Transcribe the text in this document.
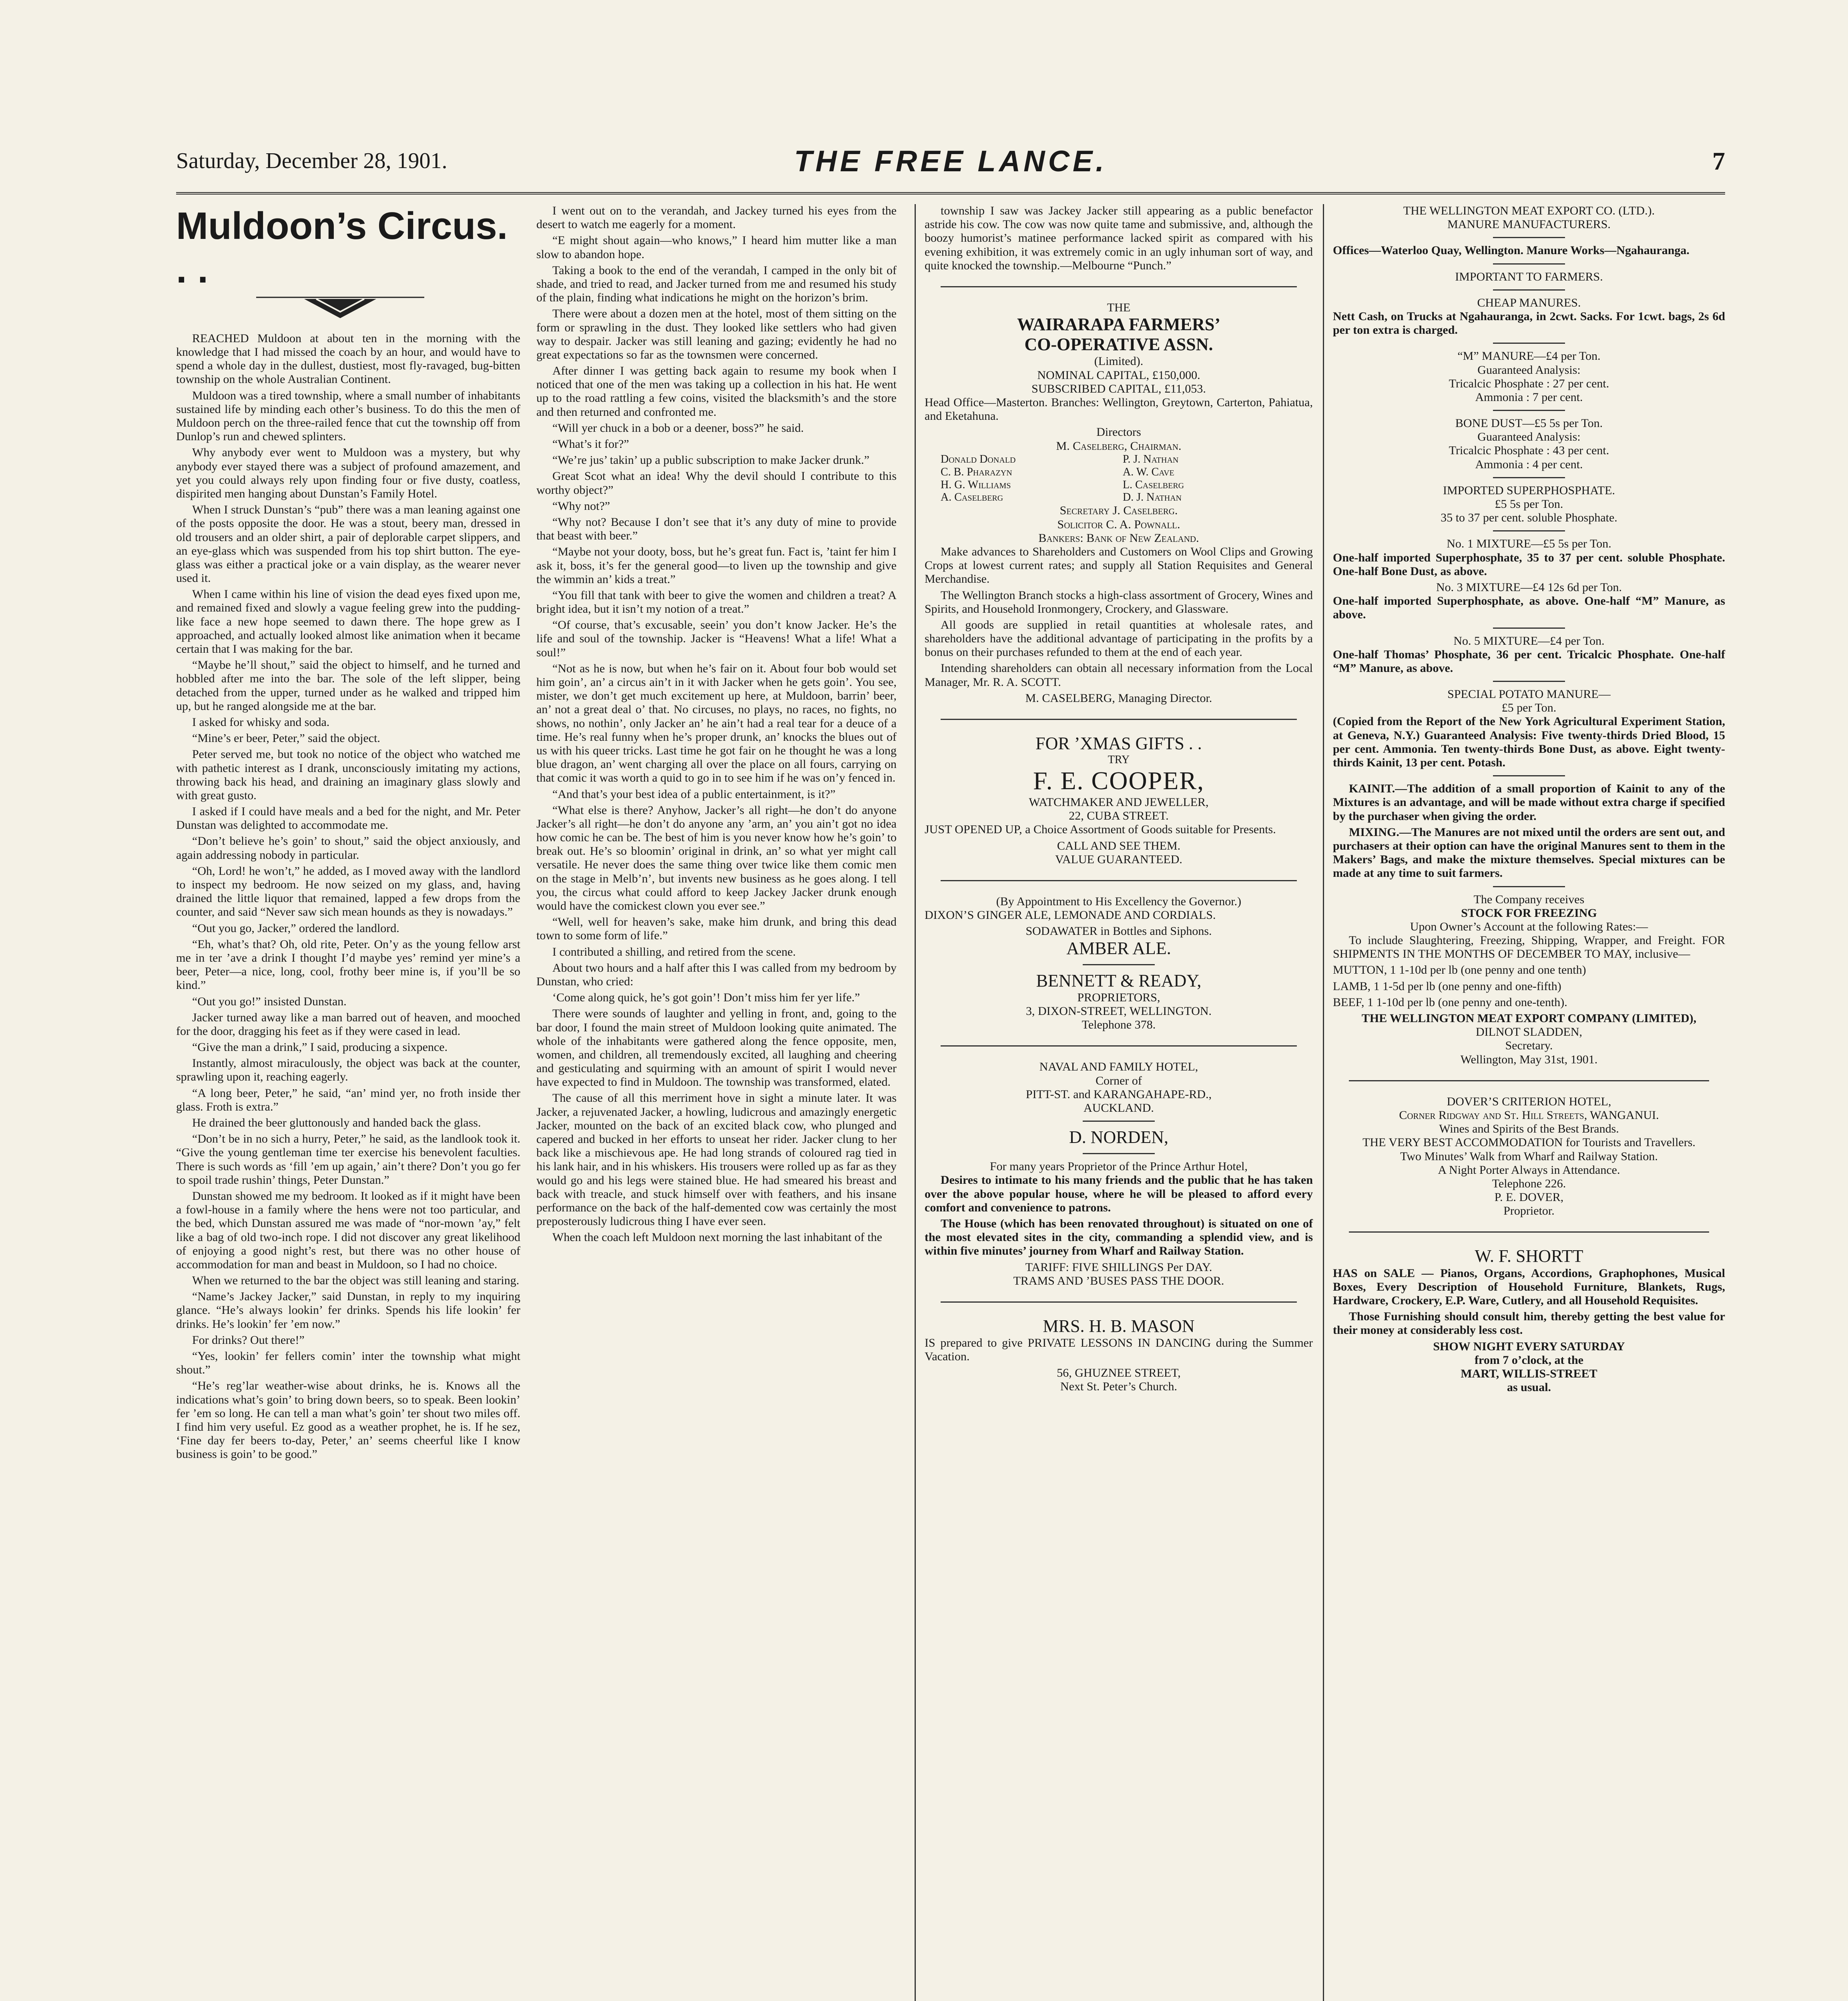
Saturday, December 28, 1901.	THE FREE LANCE.	7
Muldoon’s Circus. . .

REACHED Muldoon at about ten in the morning with the knowledge that I had missed the coach by an hour, and would have to spend a whole day in the dullest, dustiest, most fly-ravaged, bug-bitten township on the whole Australian Continent.

Muldoon was a tired township, where a small number of inhabitants sustained life by minding each other’s business. To do this the men of Muldoon perch on the three-railed fence that cut the township off from Dunlop’s run and chewed splinters.

Why anybody ever went to Muldoon was a mystery, but why anybody ever stayed there was a subject of profound amazement, and yet you could always rely upon finding four or five dusty, coatless, dispirited men hanging about Dunstan’s Family Hotel.

When I struck Dunstan’s “pub” there was a man leaning against one of the posts opposite the door. He was a stout, beery man, dressed in old trousers and an older shirt, a pair of deplorable carpet slippers, and an eye-glass which was suspended from his top shirt button. The eye-glass was either a practical joke or a vain display, as the wearer never used it.

When I came within his line of vision the dead eyes fixed upon me, and remained fixed and slowly a vague feeling grew into the pudding-like face a new hope seemed to dawn there. The hope grew as I approached, and actually looked almost like animation when it became certain that I was making for the bar.

“Maybe he’ll shout,” said the object to himself, and he turned and hobbled after me into the bar. The sole of the left slipper, being detached from the upper, turned under as he walked and tripped him up, but he ranged alongside me at the bar.

I asked for whisky and soda.

“Mine’s er beer, Peter,” said the object.

Peter served me, but took no notice of the object who watched me with pathetic interest as I drank, unconsciously imitating my actions, throwing back his head, and draining an imaginary glass slowly and with great gusto.

I asked if I could have meals and a bed for the night, and Mr. Peter Dunstan was delighted to accommodate me.

“Don’t believe he’s goin’ to shout,” said the object anxiously, and again addressing nobody in particular.

“Oh, Lord! he won’t,” he added, as I moved away with the landlord to inspect my bedroom. He now seized on my glass, and, having drained the little liquor that remained, lapped a few drops from the counter, and said “Never saw sich mean hounds as they is nowadays.”

“Out you go, Jacker,” ordered the landlord.

“Eh, what’s that? Oh, old rite, Peter. On’y as the young fellow arst me in ter ’ave a drink I thought I’d maybe yes’ remind yer mine’s a beer, Peter—a nice, long, cool, frothy beer mine is, if you’ll be so kind.”

“Out you go!” insisted Dunstan.

Jacker turned away like a man barred out of heaven, and mooched for the door, dragging his feet as if they were cased in lead.

“Give the man a drink,” I said, producing a sixpence.

Instantly, almost miraculously, the object was back at the counter, sprawling upon it, reaching eagerly.

“A long beer, Peter,” he said, “an’ mind yer, no froth inside ther glass. Froth is extra.”

He drained the beer gluttonously and handed back the glass.

“Don’t be in no sich a hurry, Peter,” he said, as the landlook took it. “Give the young gentleman time ter exercise his benevolent faculties. There is such words as ‘fill ’em up again,’ ain’t there? Don’t you go fer to spoil trade rushin’ things, Peter Dunstan.”

Dunstan showed me my bedroom. It looked as if it might have been a fowl-house in a family where the hens were not too particular, and the bed, which Dunstan assured me was made of “nor-mown ’ay,” felt like a bag of old two-inch rope. I did not discover any great likelihood of enjoying a good night’s rest, but there was no other house of accommodation for man and beast in Muldoon, so I had no choice.

When we returned to the bar the object was still leaning and staring.

“Name’s Jackey Jacker,” said Dunstan, in reply to my inquiring glance. “He’s always lookin’ fer drinks. Spends his life lookin’ fer drinks. He’s lookin’ fer ’em now.”

For drinks? Out there!”

“Yes, lookin’ fer fellers comin’ inter the township what might shout.”

“He’s reg’lar weather-wise about drinks, he is. Knows all the indications what’s goin’ to bring down beers, so to speak. Been lookin’ fer ’em so long. He can tell a man what’s goin’ ter shout two miles off. I find him very useful. Ez good as a weather prophet, he is. If he sez, ‘Fine day fer beers to-day, Peter,’ an’ seems cheerful like I know business is goin’ to be good.”

I went out on to the verandah, and Jackey turned his eyes from the desert to watch me eagerly for a moment.

“E might shout again—who knows,” I heard him mutter like a man slow to abandon hope.

Taking a book to the end of the verandah, I camped in the only bit of shade, and tried to read, and Jacker turned from me and resumed his study of the plain, finding what indications he might on the horizon’s brim.

There were about a dozen men at the hotel, most of them sitting on the form or sprawling in the dust. They looked like settlers who had given way to despair. Jacker was still leaning and gazing; evidently he had no great expectations so far as the townsmen were concerned.

After dinner I was getting back again to resume my book when I noticed that one of the men was taking up a collection in his hat. He went up to the road rattling a few coins, visited the blacksmith’s and the store and then returned and confronted me.

“Will yer chuck in a bob or a deener, boss?” he said.

“What’s it for?”

“We’re jus’ takin’ up a public subscription to make Jacker drunk.”

Great Scot what an idea! Why the devil should I contribute to this worthy object?”

“Why not?”

“Why not? Because I don’t see that it’s any duty of mine to provide that beast with beer.”

“Maybe not your dooty, boss, but he’s great fun. Fact is, ’taint fer him I ask it, boss, it’s fer the general good—to liven up the township and give the wimmin an’ kids a treat.”

“You fill that tank with beer to give the women and children a treat? A bright idea, but it isn’t my notion of a treat.”

“Of course, that’s excusable, seein’ you don’t know Jacker. He’s the life and soul of the township. Jacker is “Heavens! What a life! What a soul!”

“Not as he is now, but when he’s fair on it. About four bob would set him goin’, an’ a circus ain’t in it with Jacker when he gets goin’. You see, mister, we don’t get much excitement up here, at Muldoon, barrin’ beer, an’ not a great deal o’ that. No circuses, no plays, no races, no fights, no shows, no nothin’, only Jacker an’ he ain’t had a real tear for a deuce of a time. He’s real funny when he’s proper drunk, an’ knocks the blues out of us with his queer tricks. Last time he got fair on he thought he was a long blue dragon, an’ went charging all over the place on all fours, carrying on that comic it was worth a quid to go in to see him if he was on’y fenced in.

“And that’s your best idea of a public entertainment, is it?”

“What else is there? Anyhow, Jacker’s all right—he don’t do anyone Jacker’s all right—he don’t do anyone any ’arm, an’ you ain’t got no idea how comic he can be. The best of him is you never know how he’s goin’ to break out. He’s so bloomin’ original in drink, an’ so what yer might call versatile. He never does the same thing over twice like them comic men on the stage in Melb’n’, but invents new business as he goes along. I tell you, the circus what could afford to keep Jackey Jacker drunk enough would have the comickest clown you ever see.”

“Well, well for heaven’s sake, make him drunk, and bring this dead town to some form of life.”

I contributed a shilling, and retired from the scene.

About two hours and a half after this I was called from my bedroom by Dunstan, who cried:

‘Come along quick, he’s got goin’! Don’t miss him fer yer life.”

There were sounds of laughter and yelling in front, and, going to the bar door, I found the main street of Muldoon looking quite animated. The whole of the inhabitants were gathered along the fence opposite, men, women, and children, all tremendously excited, all laughing and cheering and gesticulating and squirming with an amount of spirit I would never have expected to find in Muldoon. The township was transformed, elated.

The cause of all this merriment hove in sight a minute later. It was Jacker, a rejuvenated Jacker, a howling, ludicrous and amazingly energetic Jacker, mounted on the back of an excited black cow, who plunged and capered and bucked in her efforts to unseat her rider. Jacker clung to her back like a mischievous ape. He had long strands of coloured rag tied in his lank hair, and in his whiskers. His trousers were rolled up as far as they would go and his legs were stained blue. He had smeared his breast and back with treacle, and stuck himself over with feathers, and his insane performance on the back of the half-demented cow was certainly the most preposterously ludicrous thing I have ever seen.

When the coach left Muldoon next morning the last inhabitant of the

township I saw was Jackey Jacker still appearing as a public benefactor astride his cow. The cow was now quite tame and submissive, and, although the boozy humorist’s matinee performance lacked spirit as compared with his evening exhibition, it was extremely comic in an ugly inhuman sort of way, and quite knocked the township.—Melbourne “Punch.”

THE
WAIRARAPA FARMERS’
CO-OPERATIVE ASSN.
(Limited).
NOMINAL CAPITAL, £150,000.
SUBSCRIBED CAPITAL, £11,053.

Head Office—Masterton. Branches: Wellington, Greytown, Carterton, Pahiatua, and Eketahuna.

Directors
M. Caselberg, Chairman.
Donald Donald	P. J. Nathan
C. B. Pharazyn	A. W. Cave
H. G. Williams	L. Caselberg
A. Caselberg	D. J. Nathan
Secretary J. Caselberg.
Solicitor C. A. Pownall.
Bankers: Bank of New Zealand.

Make advances to Shareholders and Customers on Wool Clips and Growing Crops at lowest current rates; and supply all Station Requisites and General Merchandise.

The Wellington Branch stocks a high-class assortment of Grocery, Wines and Spirits, and Household Ironmongery, Crockery, and Glassware.

All goods are supplied in retail quantities at wholesale rates, and shareholders have the additional advantage of participating in the profits by a bonus on their purchases refunded to them at the end of each year.

Intending shareholders can obtain all necessary information from the Local Manager, Mr. R. A. SCOTT.

M. CASELBERG, Managing Director.
FOR ’XMAS GIFTS . .
TRY
F. E. COOPER,
WATCHMAKER AND JEWELLER,
22, CUBA STREET.

JUST OPENED UP, a Choice Assortment of Goods suitable for Presents.

CALL AND SEE THEM.
VALUE GUARANTEED.
(By Appointment to His Excellency the Governor.)

DIXON’S GINGER ALE, LEMONADE AND CORDIALS.

SODAWATER in Bottles and Siphons.
AMBER ALE.
BENNETT & READY,
PROPRIETORS,
3, DIXON-STREET, WELLINGTON.
Telephone 378.
NAVAL AND FAMILY HOTEL,
Corner of
PITT-ST. and KARANGAHAPE-RD.,
AUCKLAND.
D. NORDEN,
For many years Proprietor of the Prince Arthur Hotel,

Desires to intimate to his many friends and the public that he has taken over the above popular house, where he will be pleased to afford every comfort and convenience to patrons.

The House (which has been renovated throughout) is situated on one of the most elevated sites in the city, commanding a splendid view, and is within five minutes’ journey from Wharf and Railway Station.

TARIFF: FIVE SHILLINGS Per DAY.
TRAMS AND ’BUSES PASS THE DOOR.
MRS. H. B. MASON

IS prepared to give PRIVATE LESSONS IN DANCING during the Summer Vacation.

56, GHUZNEE STREET,
Next St. Peter’s Church.
THE WELLINGTON MEAT EXPORT CO. (LTD.).
MANURE MANUFACTURERS.

Offices—Waterloo Quay, Wellington. Manure Works—Ngahauranga.

IMPORTANT TO FARMERS.
CHEAP MANURES.

Nett Cash, on Trucks at Ngahauranga, in 2cwt. Sacks. For 1cwt. bags, 2s 6d per ton extra is charged.

“M” MANURE—£4 per Ton.
Guaranteed Analysis:
Tricalcic Phosphate : 27 per cent.
Ammonia : 7 per cent.
BONE DUST—£5 5s per Ton.
Guaranteed Analysis:
Tricalcic Phosphate : 43 per cent.
Ammonia : 4 per cent.
IMPORTED SUPERPHOSPHATE.
£5 5s per Ton.
35 to 37 per cent. soluble Phosphate.
No. 1 MIXTURE—£5 5s per Ton.

One-half imported Superphosphate, 35 to 37 per cent. soluble Phosphate. One-half Bone Dust, as above.

No. 3 MIXTURE—£4 12s 6d per Ton.

One-half imported Superphosphate, as above. One-half “M” Manure, as above.

No. 5 MIXTURE—£4 per Ton.

One-half Thomas’ Phosphate, 36 per cent. Tricalcic Phosphate. One-half “M” Manure, as above.

SPECIAL POTATO MANURE—
£5 per Ton.

(Copied from the Report of the New York Agricultural Experiment Station, at Geneva, N.Y.) Guaranteed Analysis: Five twenty-thirds Dried Blood, 15 per cent. Ammonia. Ten twenty-thirds Bone Dust, as above. Eight twenty-thirds Kainit, 13 per cent. Potash.

KAINIT.—The addition of a small proportion of Kainit to any of the Mixtures is an advantage, and will be made without extra charge if specified by the purchaser when giving the order.

MIXING.—The Manures are not mixed until the orders are sent out, and purchasers at their option can have the original Manures sent to them in the Makers’ Bags, and make the mixture themselves. Special mixtures can be made at any time to suit farmers.

The Company receives
STOCK FOR FREEZING
Upon Owner’s Account at the following Rates:—

To include Slaughtering, Freezing, Shipping, Wrapper, and Freight. FOR SHIPMENTS IN THE MONTHS OF DECEMBER TO MAY, inclusive—

MUTTON, 1 1-10d per lb (one penny and one tenth)

LAMB, 1 1-5d per lb (one penny and one-fifth)

BEEF, 1 1-10d per lb (one penny and one-tenth).

THE WELLINGTON MEAT EXPORT COMPANY (LIMITED),
DILNOT SLADDEN,
Secretary.
Wellington, May 31st, 1901.
DOVER’S CRITERION HOTEL,
Corner Ridgway and St. Hill Streets, WANGANUI.
Wines and Spirits of the Best Brands.
THE VERY BEST ACCOMMODATION for Tourists and Travellers.
Two Minutes’ Walk from Wharf and Railway Station.
A Night Porter Always in Attendance.
Telephone 226.
P. E. DOVER,
Proprietor.
W. F. SHORTT

HAS on SALE — Pianos, Organs, Accordions, Graphophones, Musical Boxes, Every Description of Household Furniture, Blankets, Rugs, Hardware, Crockery, E.P. Ware, Cutlery, and all Household Requisites.

Those Furnishing should consult him, thereby getting the best value for their money at considerably less cost.

SHOW NIGHT EVERY SATURDAY
from 7 o’clock, at the
MART, WILLIS-STREET
as usual.
